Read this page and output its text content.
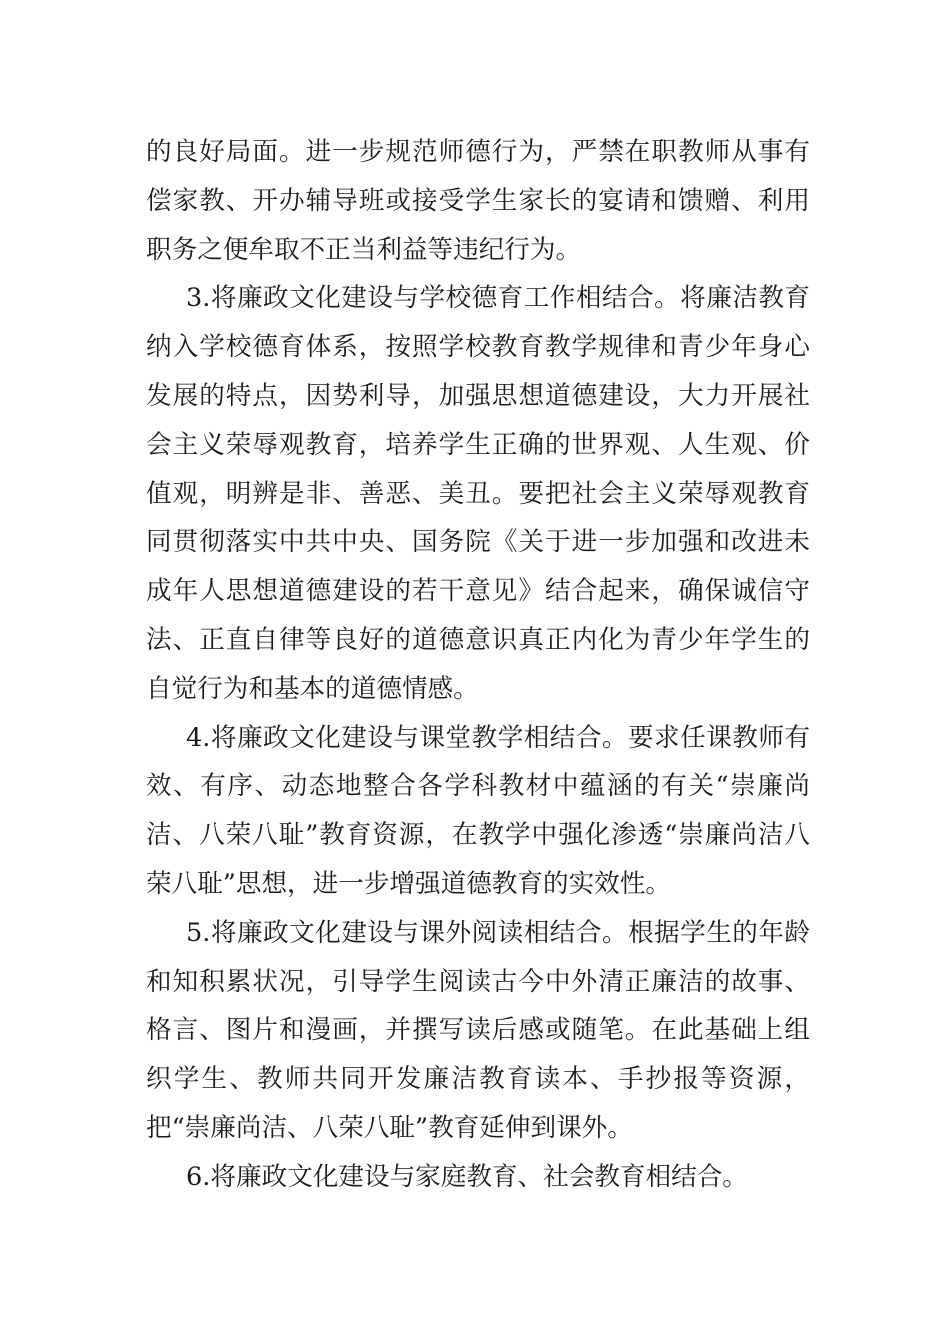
的良好局面。进一步规范师德行为，严禁在职教师从事有偿家教、开办辅导班或接受学生家长的宴请和馈赠、利用职务之便牟取不正当利益等违纪行为。

3.将廉政文化建设与学校德育工作相结合。将廉洁教育纳入学校德育体系，按照学校教育教学规律和青少年身心发展的特点，因势利导，加强思想道德建设，大力开展社会主义荣辱观教育，培养学生正确的世界观、人生观、价值观，明辨是非、善恶、美丑。要把社会主义荣辱观教育同贯彻落实中共中央、国务院《关于进一步加强和改进未成年人思想道德建设的若干意见》结合起来，确保诚信守法、正直自律等良好的道德意识真正内化为青少年学生的自觉行为和基本的道德情感。

4.将廉政文化建设与课堂教学相结合。要求任课教师有效、有序、动态地整合各学科教材中蕴涵的有关“崇廉尚洁、八荣八耻”教育资源，在教学中强化渗透“崇廉尚洁八荣八耻”思想，进一步增强道德教育的实效性。

5.将廉政文化建设与课外阅读相结合。根据学生的年龄和知积累状况，引导学生阅读古今中外清正廉洁的故事、格言、图片和漫画，并撰写读后感或随笔。在此基础上组织学生、教师共同开发廉洁教育读本、手抄报等资源，把“崇廉尚洁、八荣八耻”教育延伸到课外。

6.将廉政文化建设与家庭教育、社会教育相结合。
